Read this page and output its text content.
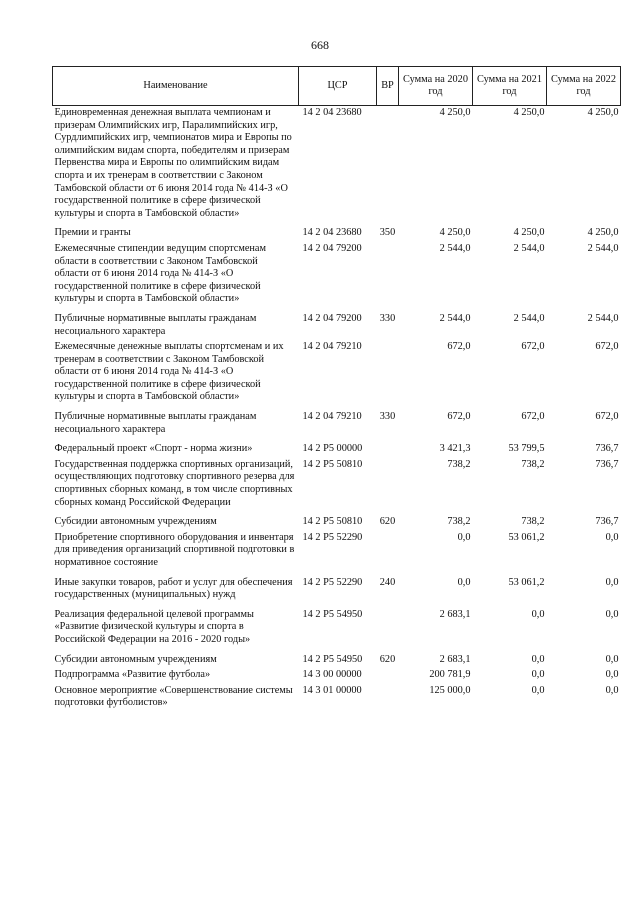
668
Наименование	ЦСР	ВР	Сумма на 2020 год	Сумма на 2021 год	Сумма на 2022 год
Единовременная денежная выплата чемпионам и призерам Олимпийских игр, Паралимпийских игр, Сурдлимпийских игр, чемпионатов мира и Европы по олимпийским видам спорта, победителям и призерам Первенства мира и Европы по олимпийским видам спорта и их тренерам в соответствии с Законом Тамбовской области от 6 июня 2014 года № 414-З «О государственной политике в сфере физической культуры и спорта в Тамбовской области»	14 2 04 23680		4 250,0	4 250,0	4 250,0
Премии и гранты	14 2 04 23680	350	4 250,0	4 250,0	4 250,0
Ежемесячные стипендии ведущим спортсменам области в соответствии с Законом Тамбовской области от 6 июня 2014 года № 414-З «О государственной политике в сфере физической культуры и спорта в Тамбовской области»	14 2 04 79200		2 544,0	2 544,0	2 544,0
Публичные нормативные выплаты гражданам несоциального характера	14 2 04 79200	330	2 544,0	2 544,0	2 544,0
Ежемесячные денежные выплаты спортсменам и их тренерам в соответствии с Законом Тамбовской области от 6 июня 2014 года № 414-З «О государственной политике в сфере физической культуры и спорта в Тамбовской области»	14 2 04 79210		672,0	672,0	672,0
Публичные нормативные выплаты гражданам несоциального характера	14 2 04 79210	330	672,0	672,0	672,0
Федеральный проект «Спорт - норма жизни»	14 2 P5 00000		3 421,3	53 799,5	736,7
Государственная поддержка спортивных организаций, осуществляющих подготовку спортивного резерва для спортивных сборных команд, в том числе спортивных сборных команд Российской Федерации	14 2 P5 50810		738,2	738,2	736,7
Субсидии автономным учреждениям	14 2 P5 50810	620	738,2	738,2	736,7
Приобретение спортивного оборудования и инвентаря для приведения организаций спортивной подготовки в нормативное состояние	14 2 P5 52290		0,0	53 061,2	0,0
Иные закупки товаров, работ и услуг для обеспечения государственных (муниципальных) нужд	14 2 P5 52290	240	0,0	53 061,2	0,0
Реализация федеральной целевой программы «Развитие физической культуры и спорта в Российской Федерации на 2016 - 2020 годы»	14 2 P5 54950		2 683,1	0,0	0,0
Субсидии автономным учреждениям	14 2 P5 54950	620	2 683,1	0,0	0,0
Подпрограмма «Развитие футбола»	14 3 00 00000		200 781,9	0,0	0,0
Основное мероприятие «Совершенствование системы подготовки футболистов»	14 3 01 00000		125 000,0	0,0	0,0
